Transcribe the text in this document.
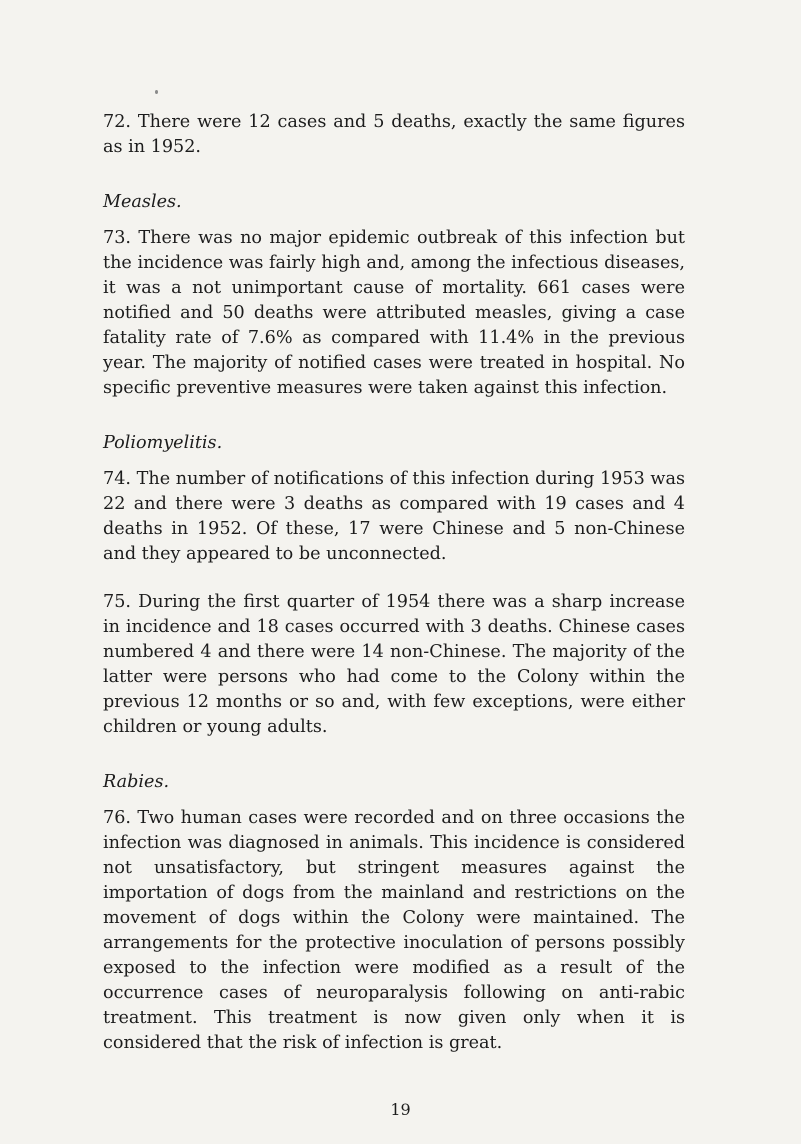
72. There were 12 cases and 5 deaths, exactly the same figures as in 1952.

Measles.

73. There was no major epidemic outbreak of this infection but the incidence was fairly high and, among the infectious diseases, it was a not unimportant cause of mortality. 661 cases were notified and 50 deaths were attributed measles, giving a case fatality rate of 7.6% as compared with 11.4% in the previous year. The majority of notified cases were treated in hospital. No specific preventive measures were taken against this infection.

Poliomyelitis.

74. The number of notifications of this infection during 1953 was 22 and there were 3 deaths as compared with 19 cases and 4 deaths in 1952. Of these, 17 were Chinese and 5 non-Chinese and they appeared to be unconnected.

75. During the first quarter of 1954 there was a sharp increase in incidence and 18 cases occurred with 3 deaths. Chinese cases numbered 4 and there were 14 non-Chinese. The majority of the latter were persons who had come to the Colony within the previous 12 months or so and, with few exceptions, were either children or young adults.

Rabies.

76. Two human cases were recorded and on three occasions the infection was diagnosed in animals. This incidence is considered not unsatisfactory, but stringent measures against the importation of dogs from the mainland and restrictions on the movement of dogs within the Colony were maintained. The arrangements for the protective inoculation of persons possibly exposed to the infection were modified as a result of the occurrence cases of neuroparalysis following on anti-rabic treatment. This treatment is now given only when it is considered that the risk of infection is great.

19
